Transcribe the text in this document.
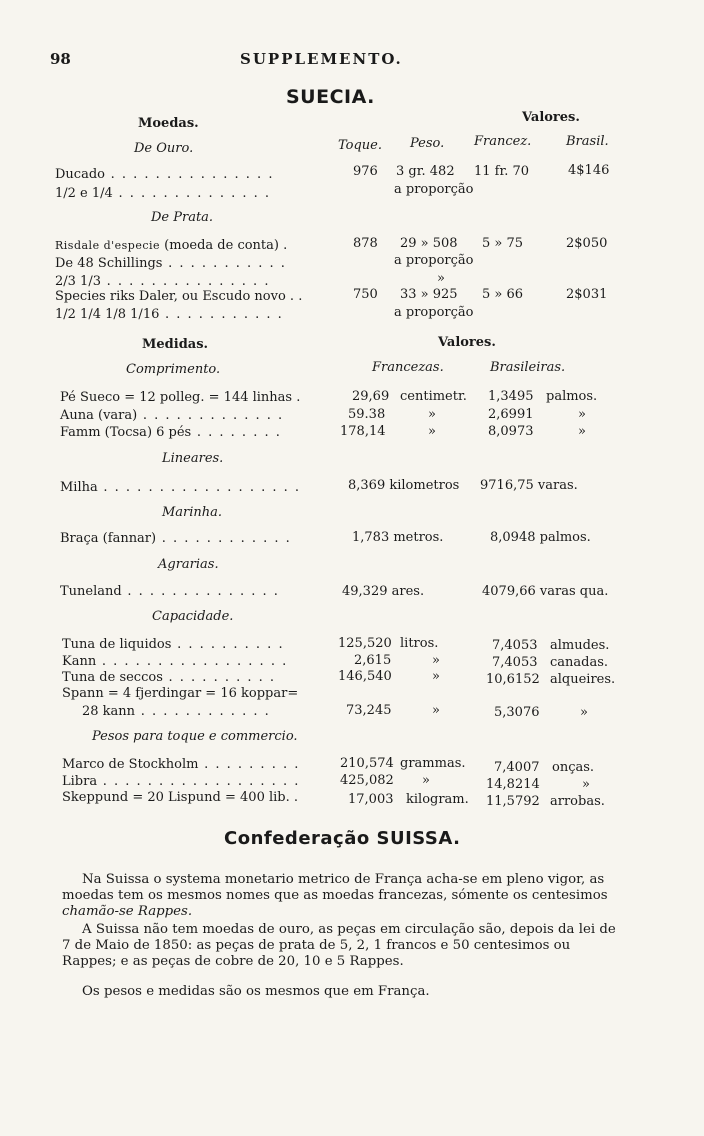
98	SUPPLEMENTO.
SUECIA.
Moedas.	Valores.
Toque. Peso. Francez.	Brasil.
De Ouro.
Ducado . . . . . . . . . . . . . . .	976 3 gr. 482 11 fr. 70	4$146
1/2 e 1/4 . . . . . . . . . . . . . .	a proporção
De Prata.
Risdale d'especie (moeda de conta) .	878 29 » 508 5 » 75	2$050
De 48 Schillings . . . . . . . . . . .	a proporção
2/3 1/3 . . . . . . . . . . . . . . .	»
Species riks Daler, ou Escudo novo . .	750 33 » 925 5 » 66	2$031
1/2 1/4 1/8 1/16 . . . . . . . . . . .	a proporção
Medidas.	Valores.
Comprimento.	Francezas.	Brasileiras.
Pé Sueco = 12 polleg. = 144 linhas .	29,69 centimetr. 1,3495 palmos.
Auna (vara) . . . . . . . . . . . . .	59.38	»	2,6991	»
Famm (Tocsa) 6 pés . . . . . . . .	178,14	»	8,0973	»
Lineares.
Milha . . . . . . . . . . . . . . . . . .	8,369 kilometros 9716,75 varas.
Marinha.
Braça (fannar) . . . . . . . . . . . .	1,783 metros.	8,0948 palmos.
Agrarias.
Tuneland . . . . . . . . . . . . . .	49,329 ares.	4079,66 varas qua.
Capacidade.
Tuna de liquidos . . . . . . . . . .	125,520 litros.	7,4053 almudes.
Kann . . . . . . . . . . . . . . . . .	2,615	»	7,4053 canadas.
Tuna de seccos . . . . . . . . . .	146,540	»	10,6152 alqueires.
Spann = 4 fjerdingar = 16 koppar=
28 kann . . . . . . . . . . . .	73,245	»	5,3076	»
Pesos para toque e commercio.
Marco de Stockholm . . . . . . . . .	210,574 grammas. 7,4007 onças.
Libra . . . . . . . . . . . . . . . . . .	425,082 »	14,8214	»
Skeppund = 20 Lispund = 400 lib. .	17,003 kilogram. 11,5792 arrobas.
Confederação SUISSA.
Na Suissa o systema monetario metrico de França acha-se em pleno vigor, as
moedas tem os mesmos nomes que as moedas francezas, sómente os centesimos
chamão-se Rappes.
A Suissa não tem moedas de ouro, as peças em circulação são, depois da lei de
7 de Maio de 1850: as peças de prata de 5, 2, 1 francos e 50 centesimos ou
Rappes; e as peças de cobre de 20, 10 e 5 Rappes.
Os pesos e medidas são os mesmos que em França.
